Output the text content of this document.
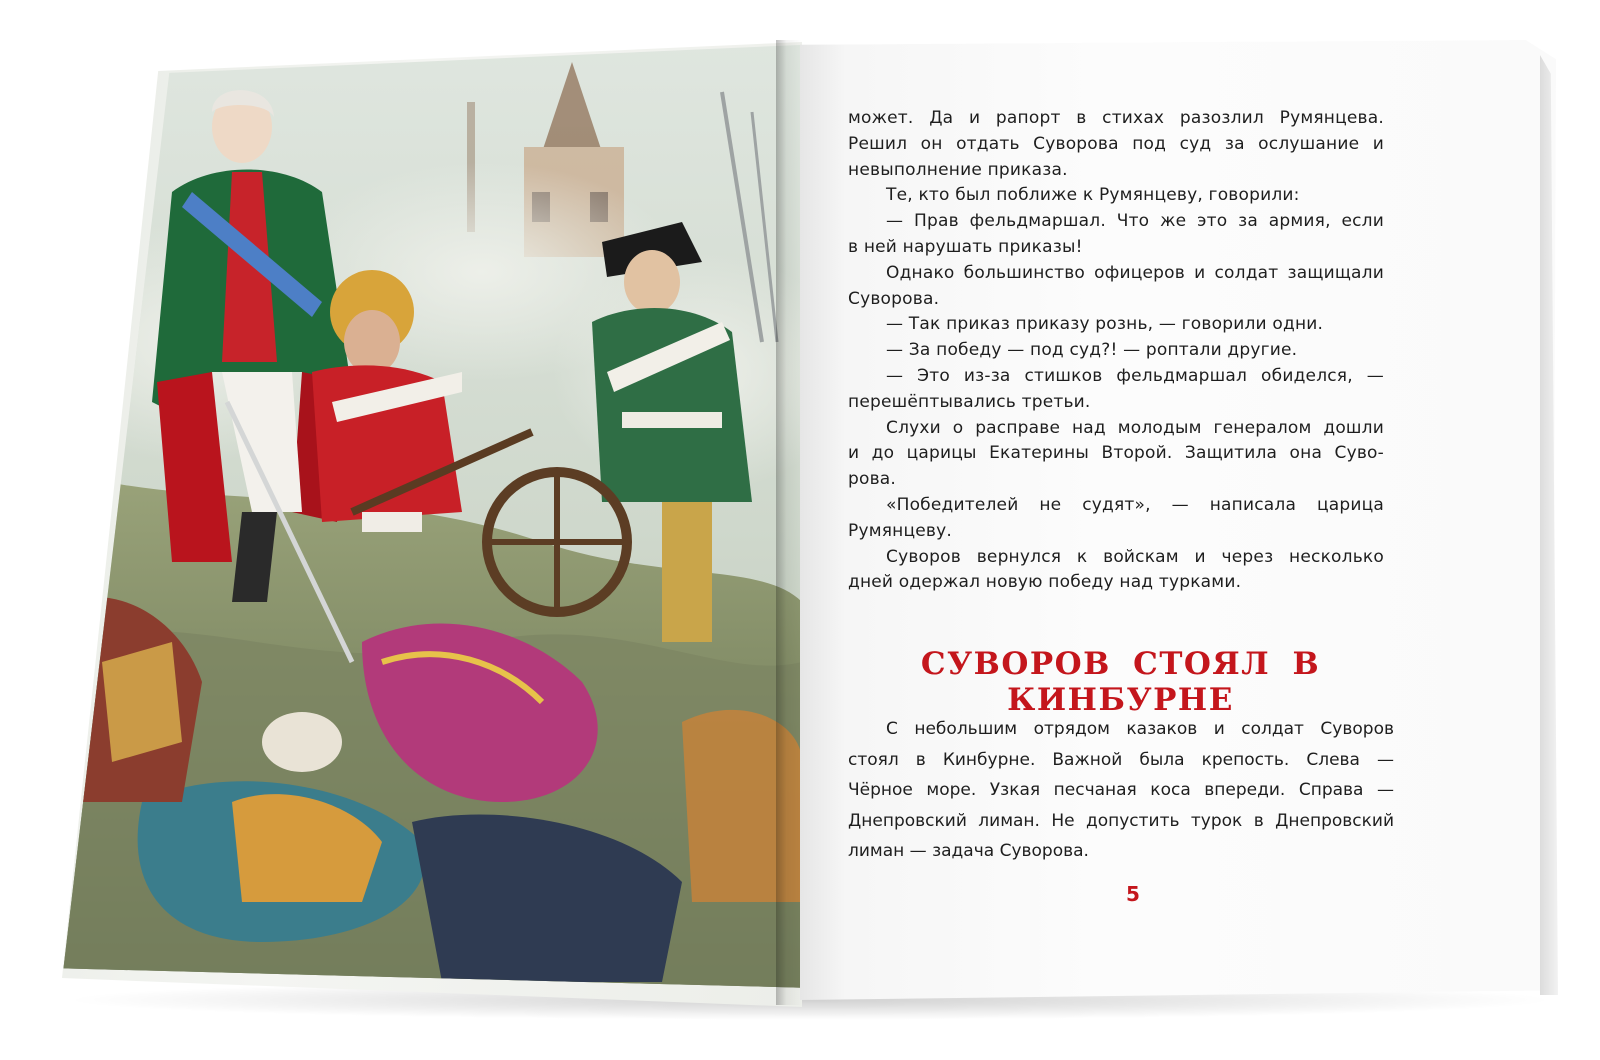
может. Да и рапорт в стихах разозлил Румянцева.
Решил он отдать Суворова под суд за ослушание и
невыполнение приказа.
Те, кто был поближе к Румянцеву, говорили:
— Прав фельдмаршал. Что же это за армия, если
в ней нарушать приказы!
Однако большинство офицеров и солдат защищали
Суворова.
— Так приказ приказу рознь, — говорили одни.
— За победу — под суд?! — роптали другие.
— Это из-за стишков фельдмаршал обиделся, —
перешёптывались третьи.
Слухи о расправе над молодым генералом дошли
и до царицы Екатерины Второй. Защитила она Суво-
рова.
«Победителей не судят», — написала царица
Румянцеву.
Суворов вернулся к войскам и через несколько
дней одержал новую победу над турками.
СУВОРОВ СТОЯЛ В КИНБУРНЕ
С небольшим отрядом казаков и солдат Суворов
стоял в Кинбурне. Важной была крепость. Слева —
Чёрное море. Узкая песчаная коса впереди. Справа —
Днепровский лиман. Не допустить турок в Днепровский
лиман — задача Суворова.
5
